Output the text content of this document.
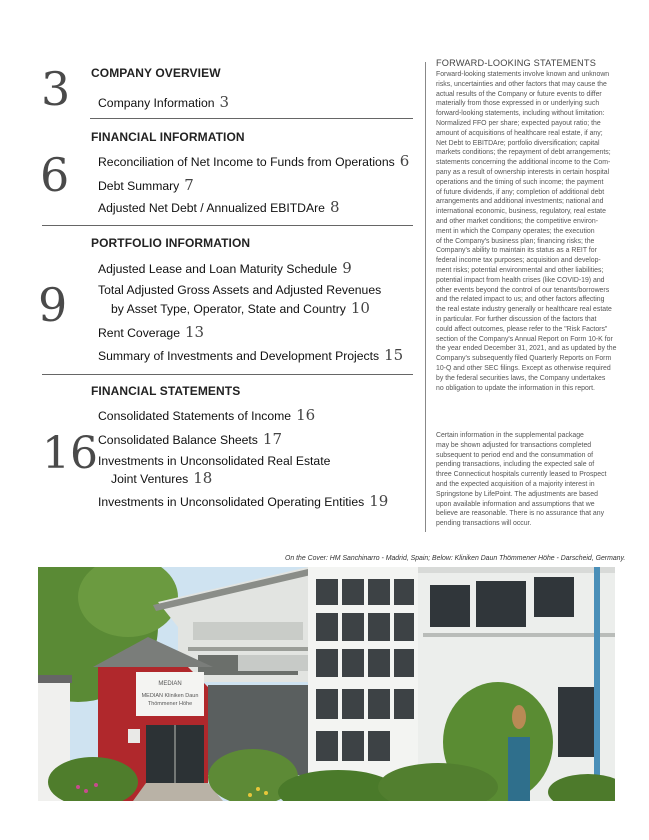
3 COMPANY OVERVIEW
Company Information 3
6
FINANCIAL INFORMATION
Reconciliation of Net Income to Funds from Operations 6
Debt Summary 7
Adjusted Net Debt / Annualized EBITDAre 8
9
PORTFOLIO INFORMATION
Adjusted Lease and Loan Maturity Schedule 9
Total Adjusted Gross Assets and Adjusted Revenues
by Asset Type, Operator, State and Country 10
Rent Coverage 13
Summary of Investments and Development Projects 15
16
FINANCIAL STATEMENTS
Consolidated Statements of Income 16
Consolidated Balance Sheets 17
Investments in Unconsolidated Real Estate
Joint Ventures 18
Investments in Unconsolidated Operating Entities 19
FORWARD-LOOKING STATEMENTS
Forward-looking statements involve known and unknown
risks, uncertainties and other factors that may cause the
actual results of the Company or future events to differ
materially from those expressed in or underlying such
forward-looking statements, including without limitation:
Normalized FFO per share; expected payout ratio; the
amount of acquisitions of healthcare real estate, if any;
Net Debt to EBITDAre; portfolio diversification; capital
markets conditions; the repayment of debt arrangements;
statements concerning the additional income to the Com-
pany as a result of ownership interests in certain hospital
operations and the timing of such income; the payment
of future dividends, if any; completion of additional debt
arrangements and additional investments; national and
international economic, business, regulatory, real estate
and other market conditions; the competitive environ-
ment in which the Company operates; the execution
of the Company's business plan; financing risks; the
Company's ability to maintain its status as a REIT for
federal income tax purposes; acquisition and develop-
ment risks; potential environmental and other liabilities;
potential impact from health crises (like COVID-19) and
other events beyond the control of our tenants/borrowers
and the related impact to us; and other factors affecting
the real estate industry generally or healthcare real estate
in particular. For further discussion of the factors that
could affect outcomes, please refer to the "Risk Factors"
section of the Company's Annual Report on Form 10-K for
the year ended December 31, 2021, and as updated by the
Company's subsequently filed Quarterly Reports on Form
10-Q and other SEC filings. Except as otherwise required
by the federal securities laws, the Company undertakes
no obligation to update the information in this report.
Certain information in the supplemental package
may be shown adjusted for transactions completed
subsequent to period end and the consummation of
pending transactions, including the expected sale of
three Connecticut hospitals currently leased to Prospect
and the expected acquisition of a majority interest in
Springstone by LifePoint. The adjustments are based
upon available information and assumptions that we
believe are reasonable. There is no assurance that any
pending transactions will occur.
On the Cover: HM Sanchinarro - Madrid, Spain; Below: Kliniken Daun Thömmener Höhe - Darscheid, Germany.
MEDIAN
MEDIAN Kliniken Daun
Thömmener Höhe
